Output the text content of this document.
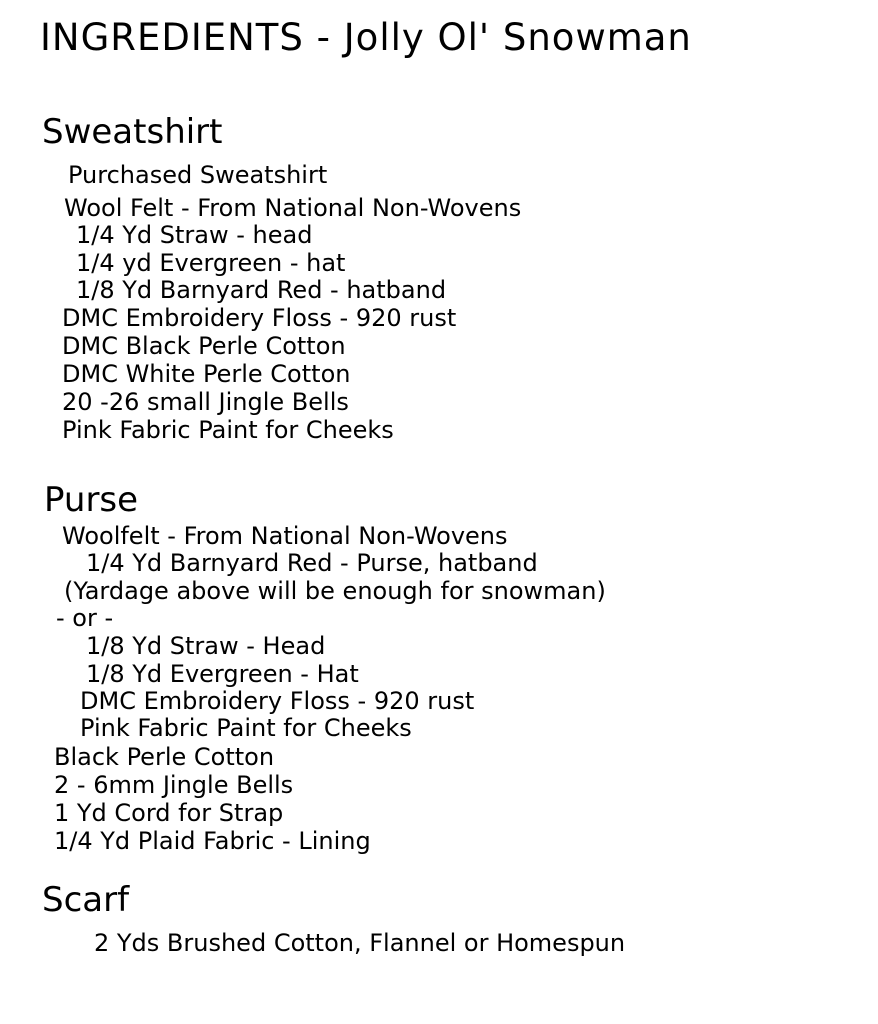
INGREDIENTS - Jolly Ol' Snowman
Sweatshirt
Purchased Sweatshirt
Wool Felt - From National Non-Wovens
1/4 Yd Straw - head
1/4 yd Evergreen - hat
1/8 Yd Barnyard Red - hatband
DMC Embroidery Floss - 920 rust
DMC Black Perle Cotton
DMC White Perle Cotton
20 -26 small Jingle Bells
Pink Fabric Paint for Cheeks
Purse
Woolfelt - From National Non-Wovens
1/4 Yd Barnyard Red - Purse, hatband
(Yardage above will be enough for snowman)
- or -
1/8 Yd Straw - Head
1/8 Yd Evergreen - Hat
DMC Embroidery Floss - 920 rust
Pink Fabric Paint for Cheeks
Black Perle Cotton
2 - 6mm Jingle Bells
1 Yd Cord for Strap
1/4 Yd Plaid Fabric - Lining
Scarf
2 Yds Brushed Cotton, Flannel or Homespun
